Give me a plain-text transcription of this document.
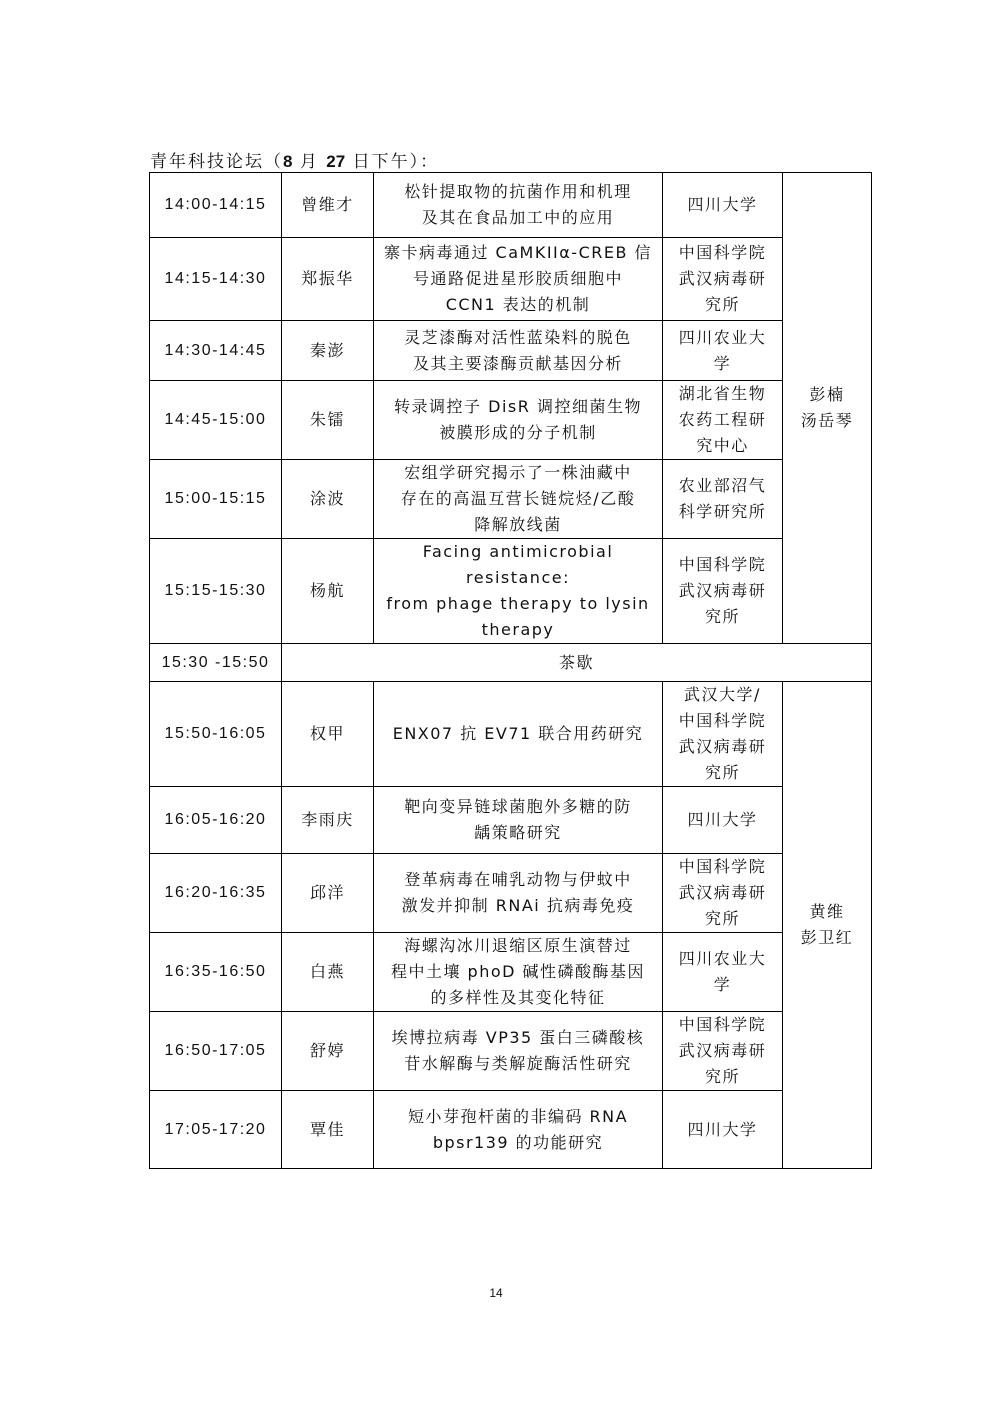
青年科技论坛（8 月 27 日下午）：
14:00-14:15	曾维才	松针提取物的抗菌作用和机理
及其在食品加工中的应用	四川大学	彭楠
汤岳琴
14:15-14:30	郑振华	寨卡病毒通过 CaMKIIα-CREB 信
号通路促进星形胶质细胞中
CCN1 表达的机制	中国科学院
武汉病毒研
究所	
14:30-14:45	秦澎	灵芝漆酶对活性蓝染料的脱色
及其主要漆酶贡献基因分析	四川农业大
学	
14:45-15:00	朱镭	转录调控子 DisR 调控细菌生物
被膜形成的分子机制	湖北省生物
农药工程研
究中心	
15:00-15:15	涂波	宏组学研究揭示了一株油藏中
存在的高温互营长链烷烃/乙酸
降解放线菌	农业部沼气
科学研究所	
15:15-15:30	杨航	Facing antimicrobial resistance:
from phage therapy to lysin
therapy	中国科学院
武汉病毒研
究所	
15:30 -15:50	茶歇			
15:50-16:05	权甲	ENX07 抗 EV71 联合用药研究	武汉大学/
中国科学院
武汉病毒研
究所	黄维
彭卫红
16:05-16:20	李雨庆	靶向变异链球菌胞外多糖的防
龋策略研究	四川大学	
16:20-16:35	邱洋	登革病毒在哺乳动物与伊蚊中
激发并抑制 RNAi 抗病毒免疫	中国科学院
武汉病毒研
究所	
16:35-16:50	白燕	海螺沟冰川退缩区原生演替过
程中土壤 phoD 碱性磷酸酶基因
的多样性及其变化特征	四川农业大
学	
16:50-17:05	舒婷	埃博拉病毒 VP35 蛋白三磷酸核
苷水解酶与类解旋酶活性研究	中国科学院
武汉病毒研
究所	
17:05-17:20	覃佳	短小芽孢杆菌的非编码 RNA
bpsr139 的功能研究	四川大学	
14
